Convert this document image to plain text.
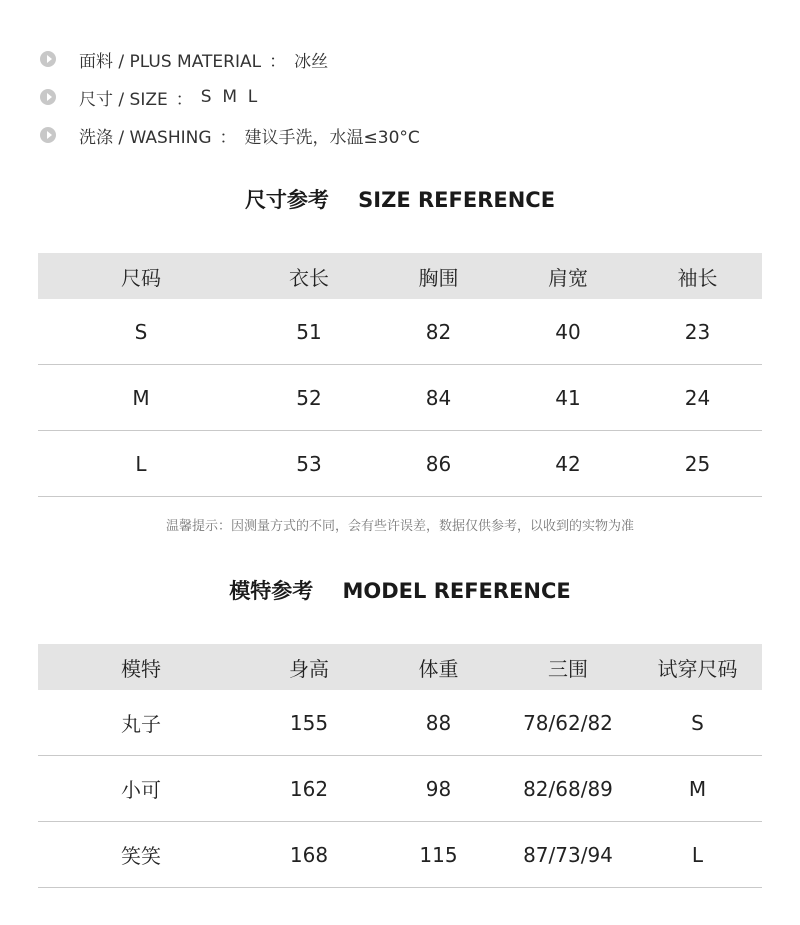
面料 / PLUS MATERIAL ： 冰丝
尺寸 / SIZE ： S  M  L
洗涤 / WASHING ： 建议手洗，水温≤30°C
尺寸参考    SIZE REFERENCE
尺码	衣长	胸围	肩宽	袖长
S	51	82	40	23
M	52	84	41	24
L	53	86	42	25
温馨提示：因测量方式的不同，会有些许误差，数据仅供参考，以收到的实物为准
模特参考    MODEL REFERENCE
模特	身高	体重	三围	试穿尺码
丸子	155	88	78/62/82	S
小可	162	98	82/68/89	M
笑笑	168	115	87/73/94	L
